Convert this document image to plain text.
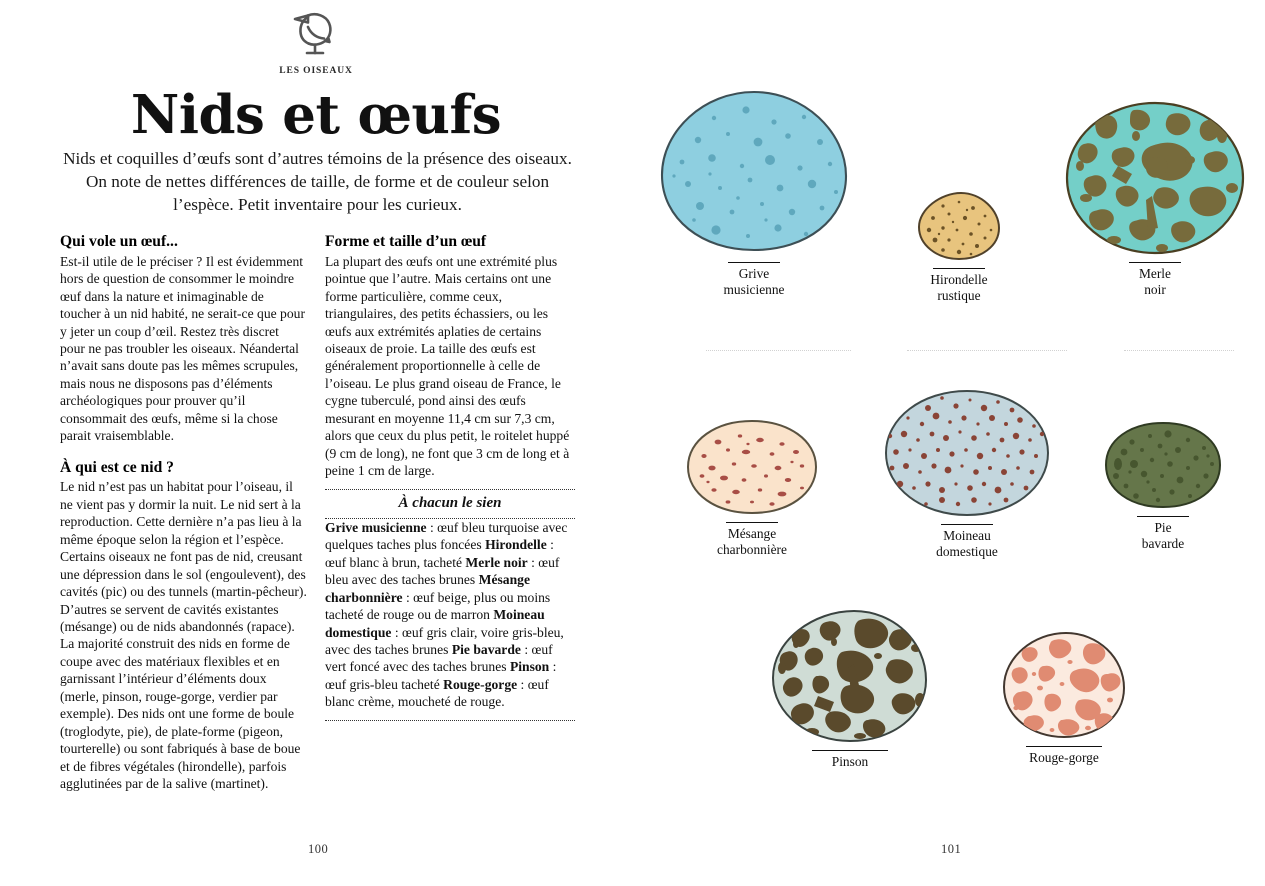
LES OISEAUX
Nids et œufs
Nids et coquilles d’œufs sont d’autres témoins de la présence des oiseaux. On note de nettes différences de taille, de forme et de couleur selon l’espèce. Petit inventaire pour les curieux.
Qui vole un œuf...

Est-il utile de le préciser ? Il est évidemment hors de question de consommer le moindre œuf dans la nature et inimaginable de toucher à un nid habité, ne serait-ce que pour y jeter un coup d’œil. Restez très discret pour ne pas troubler les oiseaux. Néandertal n’avait sans doute pas les mêmes scrupules, mais nous ne disposons pas d’éléments archéologiques pour prouver qu’il consommait des œufs, même si la chose parait vraisemblable.

À qui est ce nid ?

Le nid n’est pas un habitat pour l’oiseau, il ne vient pas y dormir la nuit. Le nid sert à la reproduction. Cette dernière n’a pas lieu à la même époque selon la région et l’espèce. Certains oiseaux ne font pas de nid, creusant une dépression dans le sol (engoulevent), des cavités (pic) ou des tunnels (martin-pêcheur). D’autres se servent de cavités existantes (mésange) ou de nids abandonnés (rapace). La majorité construit des nids en forme de coupe avec des matériaux flexibles et en garnissant l’intérieur d’éléments doux (merle, pinson, rouge-gorge, verdier par exemple). Des nids ont une forme de boule (troglodyte, pie), de plate-forme (pigeon, tourterelle) ou sont fabriqués à base de boue et de fibres végétales (hirondelle), parfois agglutinées par de la salive (martinet).

Forme et taille d’un œuf

La plupart des œufs ont une extrémité plus pointue que l’autre. Mais certains ont une forme particulière, comme ceux, triangulaires, des petits échassiers, ou les œufs aux extrémités aplaties de certains oiseaux de proie. La taille des œufs est généralement proportionnelle à celle de l’oiseau. Le plus grand oiseau de France, le cygne tuberculé, pond ainsi des œufs mesurant en moyenne 11,4 cm sur 7,3 cm, alors que ceux du plus petit, le roitelet huppé (9 cm de long), ne font que 3 cm de long et à peine 1 cm de large.

À chacun le sien
Grive musicienne : œuf bleu turquoise avec quelques taches plus foncées Hirondelle : œuf blanc à brun, tacheté Merle noir : œuf bleu avec des taches brunes Mésange charbonnière : œuf beige, plus ou moins tacheté de rouge ou de marron Moineau domestique : œuf gris clair, voire gris-bleu, avec des taches brunes Pie bavarde : œuf vert foncé avec des taches brunes Pinson : œuf gris-bleu tacheté Rouge-gorge : œuf blanc crème, moucheté de rouge.
100
Grive
musicienne
Hirondelle
rustique
Merle
noir
Mésange
charbonnière
Moineau
domestique
Pie
bavarde
Pinson	Rouge-gorge
101
